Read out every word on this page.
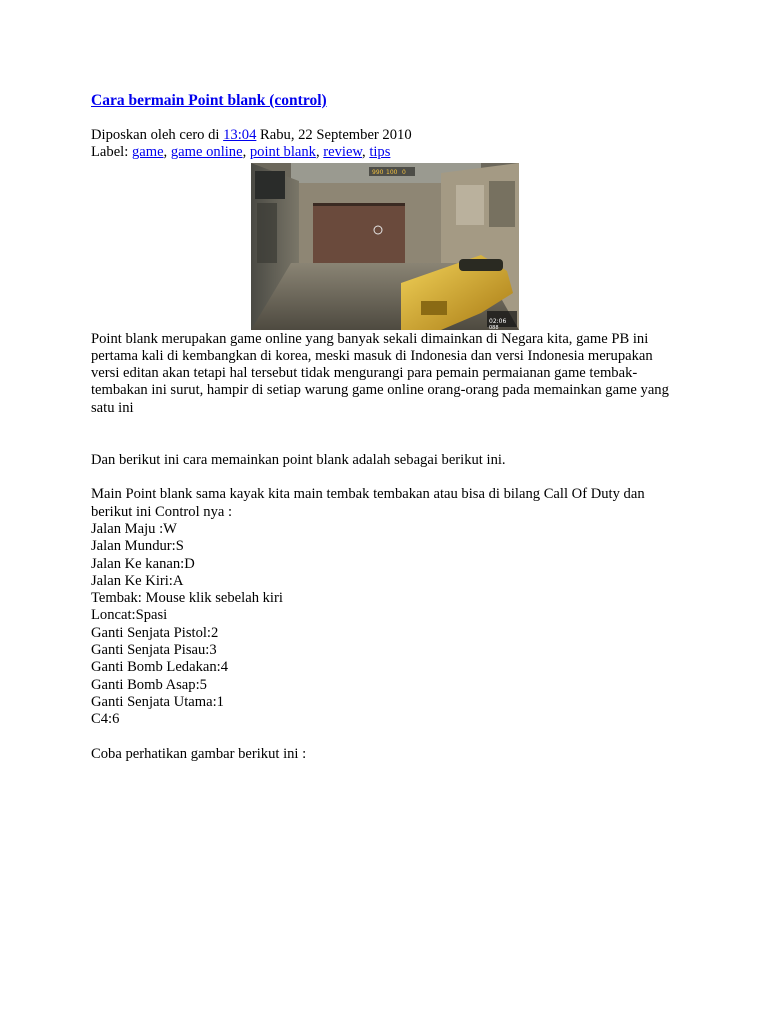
Cara bermain Point blank (control)
Diposkan oleh cero di 13:04 Rabu, 22 September 2010
Label: game, game online, point blank, review, tips
990 100 0
02:06
088

Point blank merupakan game online yang banyak sekali dimainkan di Negara kita, game PB ini pertama kali di kembangkan di korea, meski masuk di Indonesia dan versi Indonesia merupakan versi editan akan tetapi hal tersebut tidak mengurangi para pemain permaianan game tembak-tembakan ini surut, hampir di setiap warung game online orang-orang pada memainkan game yang satu ini

Dan berikut ini cara memainkan point blank adalah sebagai berikut ini.

Main Point blank sama kayak kita main tembak tembakan atau bisa di bilang Call Of Duty dan berikut ini Control nya :

Jalan Maju :W
Jalan Mundur:S
Jalan Ke kanan:D
Jalan Ke Kiri:A
Tembak: Mouse klik sebelah kiri
Loncat:Spasi
Ganti Senjata Pistol:2
Ganti Senjata Pisau:3
Ganti Bomb Ledakan:4
Ganti Bomb Asap:5
Ganti Senjata Utama:1
C4:6

Coba perhatikan gambar berikut ini :
